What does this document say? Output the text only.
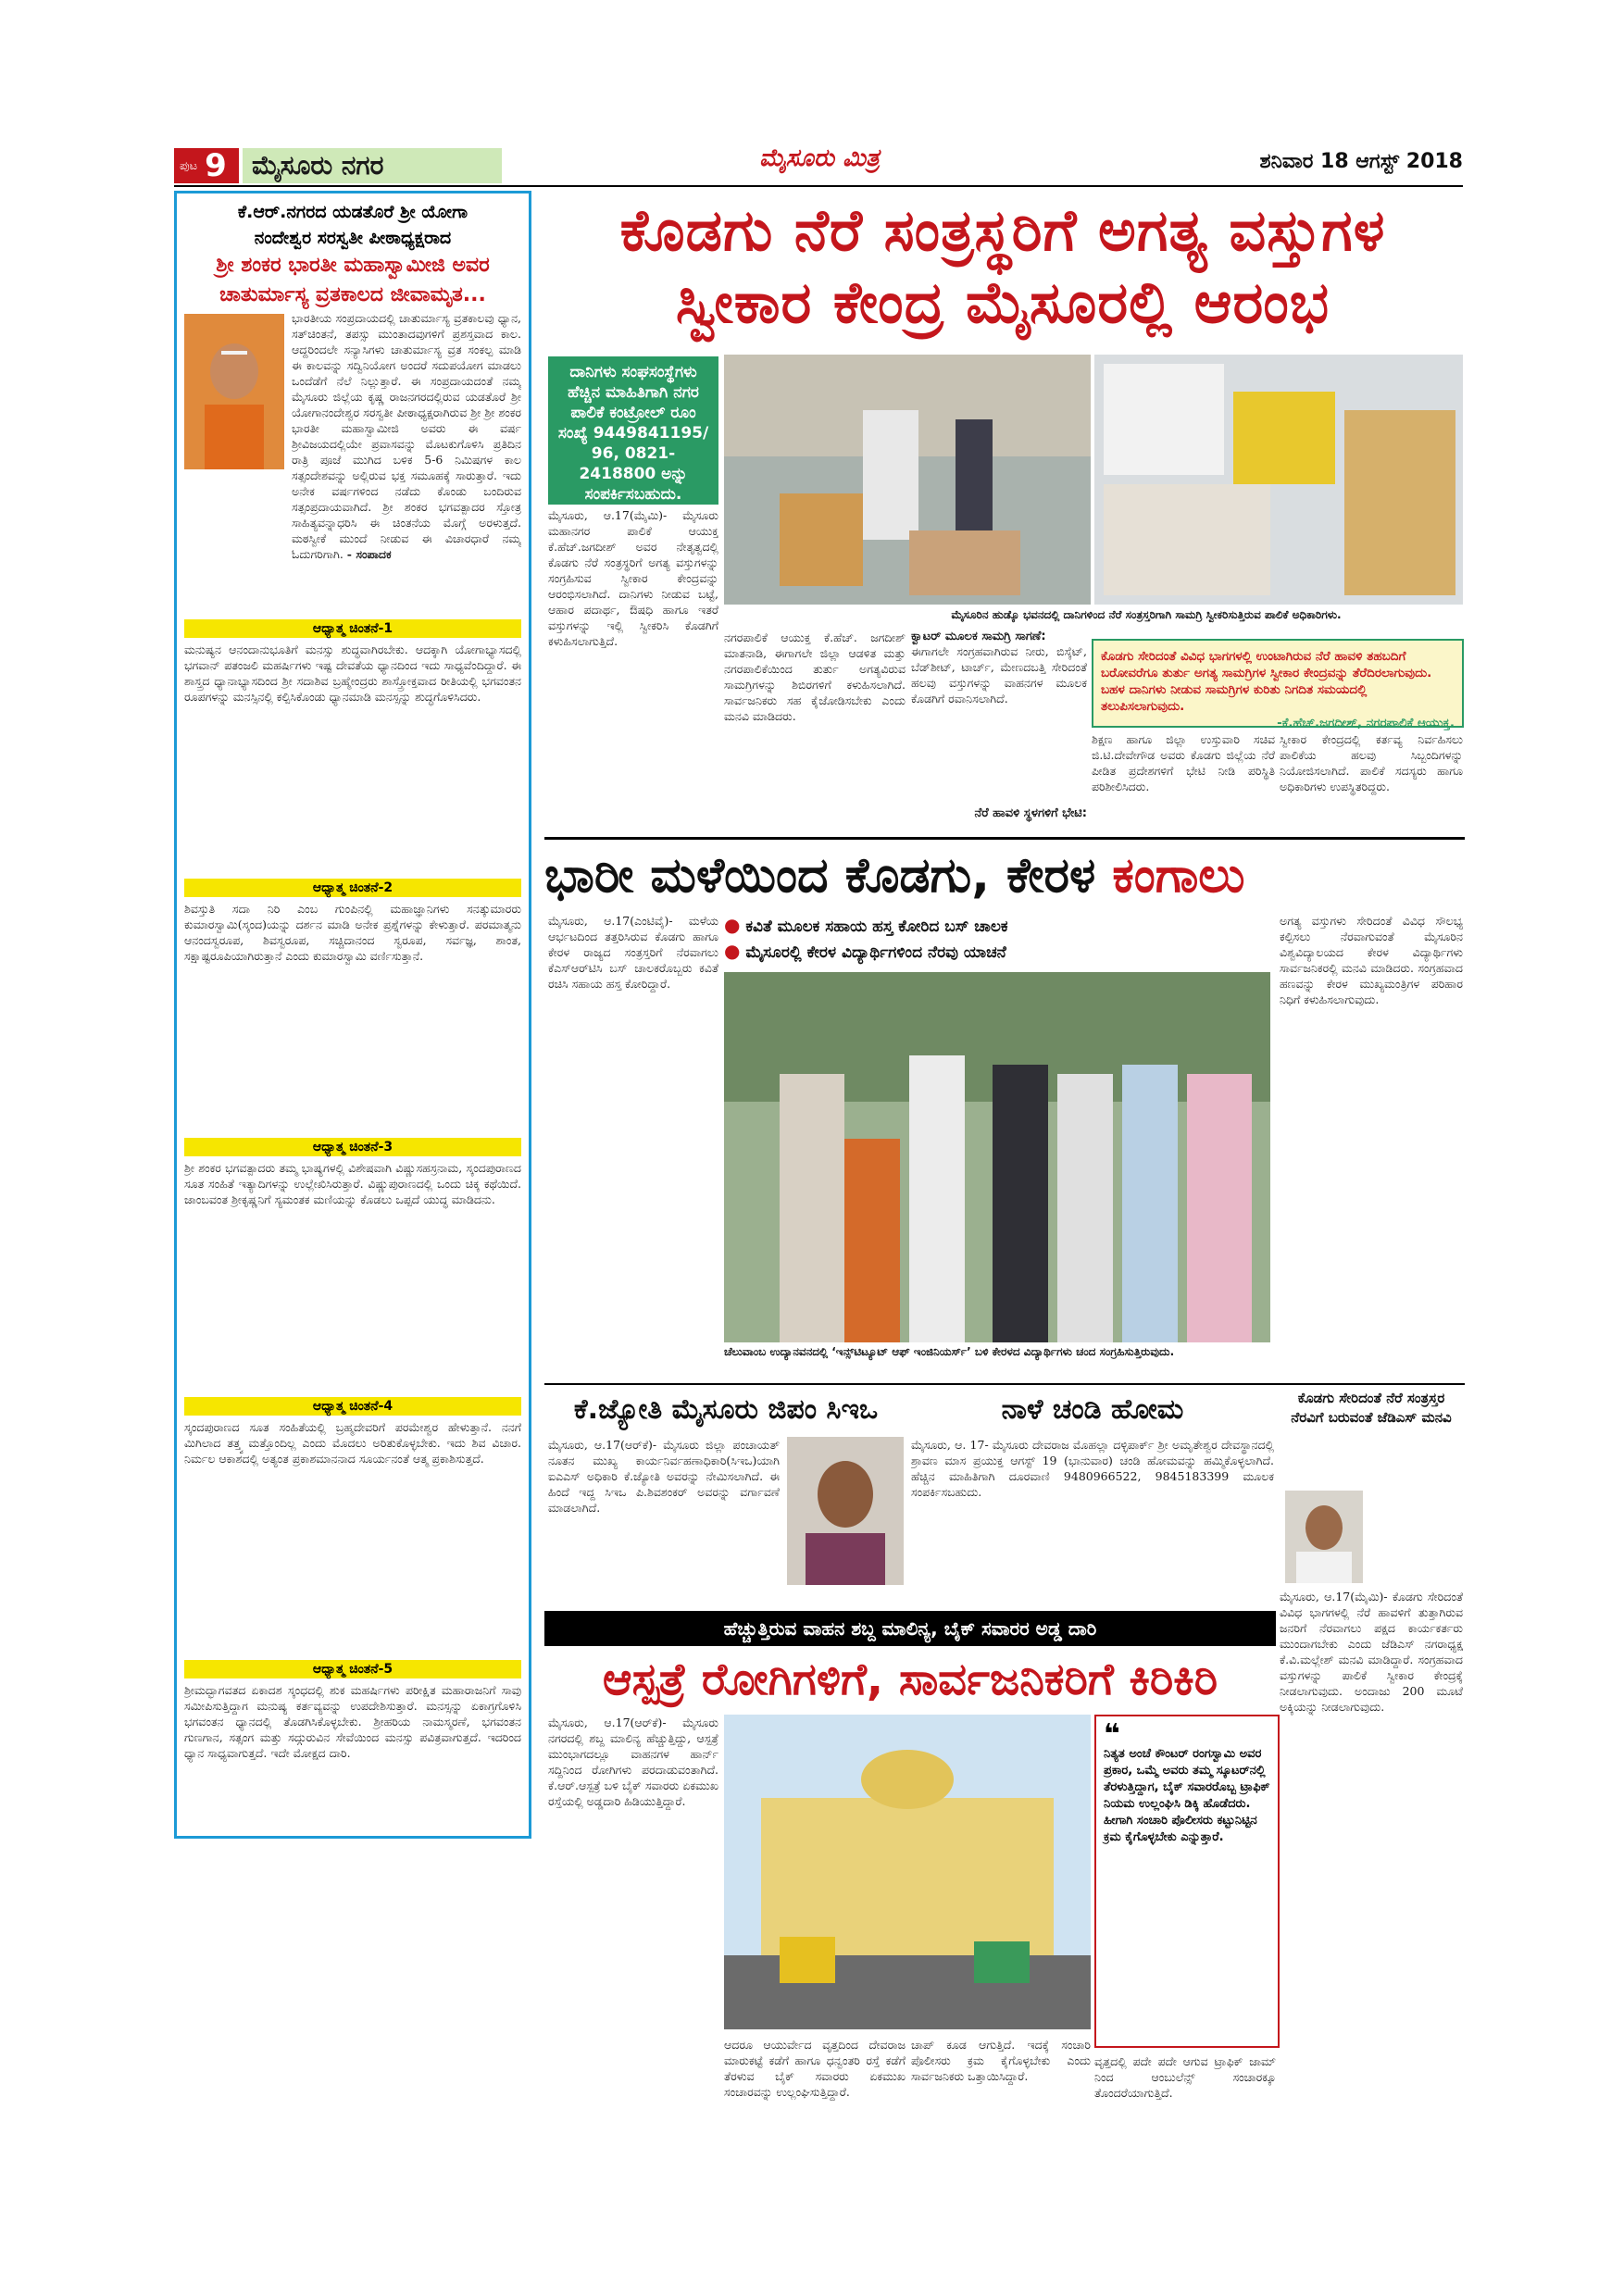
ಪುಟ 9 ಮೈಸೂರು ನಗರ	ಮೈಸೂರು ಮಿತ್ರ	ಶನಿವಾರ 18 ಆಗಸ್ಟ್ 2018
ಕೆ.ಆರ್.ನಗರದ ಯಡತೊರೆ ಶ್ರೀ ಯೋಗಾ
ನಂದೇಶ್ವರ ಸರಸ್ವತೀ ಪೀಠಾಧ್ಯಕ್ಷರಾದ
ಶ್ರೀ ಶಂಕರ ಭಾರತೀ ಮಹಾಸ್ವಾಮೀಜಿ ಅವರ
ಚಾತುರ್ಮಾಸ್ಯ ವ್ರತಕಾಲದ ಜೀವಾಮೃತ...
ಭಾರತೀಯ ಸಂಪ್ರದಾಯದಲ್ಲಿ ಚಾತುರ್ಮಾಸ್ಯ ವ್ರತಕಾಲವು ಧ್ಯಾನ, ಸತ್‌ಚಿಂತನೆ, ತಪಸ್ಸು ಮುಂತಾದವುಗಳಿಗೆ ಪ್ರಶಸ್ತವಾದ ಕಾಲ. ಆದ್ದರಿಂದಲೇ ಸನ್ಯಾಸಿಗಳು ಚಾತುರ್ಮಾಸ್ಯ ವ್ರತ ಸಂಕಲ್ಪ ಮಾಡಿ ಈ ಕಾಲವನ್ನು ಸದ್ವಿನಿಯೋಗ ಅಂದರೆ ಸದುಪಯೋಗ ಮಾಡಲು ಒಂದೆಡೆಗೆ ನೆಲೆ ನಿಲ್ಲುತ್ತಾರೆ. ಈ ಸಂಪ್ರದಾಯದಂತೆ ನಮ್ಮ ಮೈಸೂರು ಜಿಲ್ಲೆಯ ಕೃಷ್ಣ ರಾಜನಗರದಲ್ಲಿರುವ ಯಡತೊರೆ ಶ್ರೀ ಯೋಗಾನಂದೇಶ್ವರ ಸರಸ್ವತೀ ಪೀಠಾಧ್ಯಕ್ಷರಾಗಿರುವ ಶ್ರೀ ಶ್ರೀ ಶಂಕರ ಭಾರತೀ ಮಹಾಸ್ವಾಮೀಜಿ ಅವರು ಈ ವರ್ಷ ಶ್ರೀವಿಜಯದಲ್ಲಿಯೇ ಪ್ರವಾಸವನ್ನು ಮೊಟಕುಗೊಳಿಸಿ ಪ್ರತಿದಿನ ರಾತ್ರಿ ಪೂಜೆ ಮುಗಿದ ಬಳಿಕ 5-6 ನಿಮಿಷಗಳ ಕಾಲ ಸತ್ಸಂದೇಶವನ್ನು ಅಲ್ಲಿರುವ ಭಕ್ತ ಸಮೂಹಕ್ಕೆ ಸಾರುತ್ತಾರೆ. ಇದು ಅನೇಕ ವರ್ಷಗಳಿಂದ ನಡೆದು ಕೊಂಡು ಬಂದಿರುವ ಸತ್ಸಂಪ್ರದಾಯವಾಗಿದೆ. ಶ್ರೀ ಶಂಕರ ಭಗವತ್ಪಾದರ ಸ್ತೋತ್ರ ಸಾಹಿತ್ಯವನ್ನಾಧರಿಸಿ ಈ ಚಿಂತನೆಯ ಮೊಗ್ಗೆ ಅರಳುತ್ತದೆ. ಮಠಸ್ವೀಕೆ ಮುಂದೆ ನೀಡುವ ಈ ವಿಚಾರಧಾರೆ ನಮ್ಮ ಓದುಗರಿಗಾಗಿ. - ಸಂಪಾದಕ
ಆಧ್ಯಾತ್ಮ ಚಿಂತನೆ-1
ಮನುಷ್ಯನ ಆನಂದಾನುಭೂತಿಗೆ ಮನಸ್ಸು ಶುದ್ಧವಾಗಿರಬೇಕು. ಆದಕ್ಕಾಗಿ ಯೋಗಾಭ್ಯಾಸದಲ್ಲಿ ಭಗವಾನ್ ಪತಂಜಲಿ ಮಹರ್ಷಿಗಳು ಇಷ್ಟ ದೇವತೆಯ ಧ್ಯಾನದಿಂದ ಇದು ಸಾಧ್ಯವೆಂದಿದ್ದಾರೆ. ಈ ಶಾಸ್ತ್ರದ ಧ್ಯಾನಾಭ್ಯಾಸದಿಂದ ಶ್ರೀ ಸದಾಶಿವ ಬ್ರಹ್ಮೇಂದ್ರರು ಶಾಸ್ತ್ರೋಕ್ತವಾದ ರೀತಿಯಲ್ಲಿ ಭಗವಂತನ ರೂಪಗಳನ್ನು ಮನಸ್ಸಿನಲ್ಲಿ ಕಲ್ಪಿಸಿಕೊಂಡು ಧ್ಯಾನಮಾಡಿ ಮನಸ್ಸನ್ನು ಶುದ್ಧಗೊಳಿಸಿದರು.
ಆಧ್ಯಾತ್ಮ ಚಿಂತನೆ-2
ಶಿವಸ್ತುತಿ ಸದಾ ನಿರಿ ಎಂಬ ಗುಂಪಿನಲ್ಲಿ ಮಹಾಜ್ಞಾನಿಗಳು ಸನತ್ಕುಮಾರರು ಕುಮಾರಸ್ವಾಮಿ(ಸ್ಕಂದ)ಯನ್ನು ದರ್ಶನ ಮಾಡಿ ಅನೇಕ ಪ್ರಶ್ನೆಗಳನ್ನು ಕೇಳುತ್ತಾರೆ. ಪರಮಾತ್ಮನು ಆನಂದಸ್ವರೂಪ, ಶಿವಸ್ವರೂಪ, ಸಚ್ಚಿದಾನಂದ ಸ್ವರೂಪ, ಸರ್ವಜ್ಞ, ಶಾಂತ, ಸಕ್ಷಾಷ್ಟರೂಪಿಯಾಗಿರುತ್ತಾನೆ ಎಂದು ಕುಮಾರಸ್ವಾಮಿ ವರ್ಣಿಸುತ್ತಾನೆ.
ಆಧ್ಯಾತ್ಮ ಚಿಂತನೆ-3
ಶ್ರೀ ಶಂಕರ ಭಗವತ್ಪಾದರು ತಮ್ಮ ಭಾಷ್ಯಗಳಲ್ಲಿ ವಿಶೇಷವಾಗಿ ವಿಷ್ಣುಸಹಸ್ರನಾಮ, ಸ್ಕಂದಪುರಾಣದ ಸೂತ ಸಂಹಿತೆ ಇತ್ಯಾದಿಗಳನ್ನು ಉಲ್ಲೇಖಿಸಿರುತ್ತಾರೆ. ವಿಷ್ಣುಪುರಾಣದಲ್ಲಿ ಒಂದು ಚಿಕ್ಕ ಕಥೆಯಿದೆ. ಜಾಂಬವಂತ ಶ್ರೀಕೃಷ್ಣನಿಗೆ ಸ್ಯಮಂತಕ ಮಣಿಯನ್ನು ಕೊಡಲು ಒಪ್ಪದೆ ಯುದ್ಧ ಮಾಡಿದನು.
ಆಧ್ಯಾತ್ಮ ಚಿಂತನೆ-4
ಸ್ಕಂದಪುರಾಣದ ಸೂತ ಸಂಹಿತೆಯಲ್ಲಿ ಬ್ರಹ್ಮದೇವರಿಗೆ ಪರಮೇಶ್ವರ ಹೇಳುತ್ತಾನೆ. ನನಗೆ ಮಿಗಿಲಾದ ತತ್ತ್ವ ಮತ್ತೊಂದಿಲ್ಲ ಎಂದು ಮೊದಲು ಅರಿತುಕೊಳ್ಳಬೇಕು. ಇದು ಶಿವ ವಿಚಾರ. ನಿರ್ಮಲ ಆಕಾಶದಲ್ಲಿ ಅತ್ಯಂತ ಪ್ರಕಾಶಮಾನನಾದ ಸೂರ್ಯನಂತೆ ಆತ್ಮ ಪ್ರಕಾಶಿಸುತ್ತದೆ.
ಆಧ್ಯಾತ್ಮ ಚಿಂತನೆ-5
ಶ್ರೀಮದ್ಭಾಗವತದ ಏಕಾದಶ ಸ್ಕಂಧದಲ್ಲಿ ಶುಕ ಮಹರ್ಷಿಗಳು ಪರೀಕ್ಷಿತ ಮಹಾರಾಜನಿಗೆ ಸಾವು ಸಮೀಪಿಸುತ್ತಿದ್ದಾಗ ಮನುಷ್ಯ ಕರ್ತವ್ಯವನ್ನು ಉಪದೇಶಿಸುತ್ತಾರೆ. ಮನಸ್ಸನ್ನು ಏಕಾಗ್ರಗೊಳಿಸಿ ಭಗವಂತನ ಧ್ಯಾನದಲ್ಲಿ ತೊಡಗಿಸಿಕೊಳ್ಳಬೇಕು. ಶ್ರೀಹರಿಯ ನಾಮಸ್ಮರಣೆ, ಭಗವಂತನ ಗುಣಗಾನ, ಸತ್ಸಂಗ ಮತ್ತು ಸದ್ಗುರುವಿನ ಸೇವೆಯಿಂದ ಮನಸ್ಸು ಪವಿತ್ರವಾಗುತ್ತದೆ. ಇದರಿಂದ ಧ್ಯಾನ ಸಾಧ್ಯವಾಗುತ್ತದೆ. ಇದೇ ಮೋಕ್ಷದ ದಾರಿ.
ಕೊಡಗು ನೆರೆ ಸಂತ್ರಸ್ಥರಿಗೆ ಅಗತ್ಯ ವಸ್ತುಗಳ
ಸ್ವೀಕಾರ ಕೇಂದ್ರ ಮೈಸೂರಲ್ಲಿ ಆರಂಭ
ದಾನಿಗಳು ಸಂಘಸಂಸ್ಥೆಗಳು ಹೆಚ್ಚಿನ ಮಾಹಿತಿಗಾಗಿ ನಗರ ಪಾಲಿಕೆ ಕಂಟ್ರೋಲ್ ರೂಂ ಸಂಖ್ಯೆ 9449841195/ 96, 0821-2418800 ಅನ್ನು ಸಂಪರ್ಕಿಸಬಹುದು.
ಮೈಸೂರಿನ ಹುಡ್ಕೊ ಭವನದಲ್ಲಿ ದಾನಿಗಳಿಂದ ನೆರೆ ಸಂತ್ರಸ್ತರಿಗಾಗಿ ಸಾಮಗ್ರಿ ಸ್ವೀಕರಿಸುತ್ತಿರುವ ಪಾಲಿಕೆ ಅಧಿಕಾರಿಗಳು.
ಮೈಸೂರು, ಆ.17(ಮೈಮಿ)- ಮೈಸೂರು ಮಹಾನಗರ ಪಾಲಿಕೆ ಆಯುಕ್ತ ಕೆ.ಹೆಚ್.ಜಗದೀಶ್ ಅವರ ನೇತೃತ್ವದಲ್ಲಿ ಕೊಡಗು ನೆರೆ ಸಂತ್ರಸ್ಥರಿಗೆ ಅಗತ್ಯ ವಸ್ತುಗಳನ್ನು ಸಂಗ್ರಹಿಸುವ ಸ್ವೀಕಾರ ಕೇಂದ್ರವನ್ನು ಆರಂಭಿಸಲಾಗಿದೆ. ದಾನಿಗಳು ನೀಡುವ ಬಟ್ಟೆ, ಆಹಾರ ಪದಾರ್ಥ, ಔಷಧಿ ಹಾಗೂ ಇತರೆ ವಸ್ತುಗಳನ್ನು ಇಲ್ಲಿ ಸ್ವೀಕರಿಸಿ ಕೊಡಗಿಗೆ ಕಳುಹಿಸಲಾಗುತ್ತಿದೆ.	ನಗರಪಾಲಿಕೆ ಆಯುಕ್ತ ಕೆ.ಹೆಚ್. ಜಗದೀಶ್ ಮಾತನಾಡಿ, ಈಗಾಗಲೇ ಜಿಲ್ಲಾ ಆಡಳಿತ ಮತ್ತು ನಗರಪಾಲಿಕೆಯಿಂದ ತುರ್ತು ಅಗತ್ಯವಿರುವ ಸಾಮಗ್ರಿಗಳನ್ನು ಶಿಬಿರಗಳಿಗೆ ಕಳುಹಿಸಲಾಗಿದೆ. ಸಾರ್ವಜನಿಕರು ಸಹ ಕೈಜೋಡಿಸಬೇಕು ಎಂದು ಮನವಿ ಮಾಡಿದರು.
ಕ್ವಾಟರ್ ಮೂಲಕ ಸಾಮಗ್ರಿ ಸಾಗಣೆ:
ಈಗಾಗಲೇ ಸಂಗ್ರಹವಾಗಿರುವ ನೀರು, ಬಿಸ್ಕೆಟ್, ಬೆಡ್‌ಶೀಟ್, ಟಾರ್ಚ್, ಮೇಣದಬತ್ತಿ ಸೇರಿದಂತೆ ಹಲವು ವಸ್ತುಗಳನ್ನು ವಾಹನಗಳ ಮೂಲಕ ಕೊಡಗಿಗೆ ರವಾನಿಸಲಾಗಿದೆ.
ನೆರೆ ಹಾವಳಿ ಸ್ಥಳಗಳಿಗೆ ಭೇಟಿ:
ಕೊಡಗು ಸೇರಿದಂತೆ ವಿವಿಧ ಭಾಗಗಳಲ್ಲಿ ಉಂಟಾಗಿರುವ ನೆರೆ ಹಾವಳಿ ತಹಬದಿಗೆ ಬರೋವರೆಗೂ ತುರ್ತು ಅಗತ್ಯ ಸಾಮಗ್ರಿಗಳ ಸ್ವೀಕಾರ ಕೇಂದ್ರವನ್ನು ತೆರೆದಿರಲಾಗುವುದು. ಬಹಳ ದಾನಿಗಳು ನೀಡುವ ಸಾಮಗ್ರಿಗಳ ಕುರಿತು ನಿಗದಿತ ಸಮಯದಲ್ಲಿ ತಲುಪಿಸಲಾಗುವುದು.
-ಕೆ.ಹೆಚ್.ಜಗದೀಶ್, ನಗರಪಾಲಿಕೆ ಆಯುಕ್ತ.
ಶಿಕ್ಷಣ ಹಾಗೂ ಜಿಲ್ಲಾ ಉಸ್ತುವಾರಿ ಸಚಿವ ಜಿ.ಟಿ.ದೇವೇಗೌಡ ಅವರು ಕೊಡಗು ಜಿಲ್ಲೆಯ ನೆರೆ ಪೀಡಿತ ಪ್ರದೇಶಗಳಿಗೆ ಭೇಟಿ ನೀಡಿ ಪರಿಸ್ಥಿತಿ ಪರಿಶೀಲಿಸಿದರು.
ಸ್ವೀಕಾರ ಕೇಂದ್ರದಲ್ಲಿ ಕರ್ತವ್ಯ ನಿರ್ವಹಿಸಲು ಪಾಲಿಕೆಯ ಹಲವು ಸಿಬ್ಬಂದಿಗಳನ್ನು ನಿಯೋಜಿಸಲಾಗಿದೆ. ಪಾಲಿಕೆ ಸದಸ್ಯರು ಹಾಗೂ ಅಧಿಕಾರಿಗಳು ಉಪಸ್ಥಿತರಿದ್ದರು.
ಭಾರೀ ಮಳೆಯಿಂದ ಕೊಡಗು, ಕೇರಳ ಕಂಗಾಲು
● ಕವಿತೆ ಮೂಲಕ ಸಹಾಯ ಹಸ್ತ ಕೋರಿದ ಬಸ್ ಚಾಲಕ
● ಮೈಸೂರಲ್ಲಿ ಕೇರಳ ವಿದ್ಯಾರ್ಥಿಗಳಿಂದ ನೆರವು ಯಾಚನೆ
ಮೈಸೂರು, ಆ.17(ಎಂಟಿವೈ)- ಮಳೆಯ ಆರ್ಭಟದಿಂದ ತತ್ತರಿಸಿರುವ ಕೊಡಗು ಹಾಗೂ ಕೇರಳ ರಾಜ್ಯದ ಸಂತ್ರಸ್ತರಿಗೆ ನೆರವಾಗಲು ಕೆಎಸ್‌ಆರ್‌ಟಿಸಿ ಬಸ್ ಚಾಲಕರೊಬ್ಬರು ಕವಿತೆ ರಚಿಸಿ ಸಹಾಯ ಹಸ್ತ ಕೋರಿದ್ದಾರೆ.
ಚೆಲುವಾಂಬ ಉದ್ಯಾನವನದಲ್ಲಿ ‘ಇನ್ಸ್‌ಟಿಟ್ಯೂಟ್ ಆಫ್ ಇಂಜಿನಿಯರ್ಸ್’ ಬಳಿ ಕೇರಳದ ವಿದ್ಯಾರ್ಥಿಗಳು ಚಂದ ಸಂಗ್ರಹಿಸುತ್ತಿರುವುದು.
ಅಗತ್ಯ ವಸ್ತುಗಳು ಸೇರಿದಂತೆ ವಿವಿಧ ಸೌಲಭ್ಯ ಕಲ್ಪಿಸಲು ನೆರವಾಗುವಂತೆ ಮೈಸೂರಿನ ವಿಶ್ವವಿದ್ಯಾಲಯದ ಕೇರಳ ವಿದ್ಯಾರ್ಥಿಗಳು ಸಾರ್ವಜನಿಕರಲ್ಲಿ ಮನವಿ ಮಾಡಿದರು. ಸಂಗ್ರಹವಾದ ಹಣವನ್ನು ಕೇರಳ ಮುಖ್ಯಮಂತ್ರಿಗಳ ಪರಿಹಾರ ನಿಧಿಗೆ ಕಳುಹಿಸಲಾಗುವುದು.
ಕೆ.ಜ್ಯೋತಿ ಮೈಸೂರು ಜಿಪಂ ಸಿಇಒ
ಮೈಸೂರು, ಆ.17(ಆರ್‌ಕೆ)- ಮೈಸೂರು ಜಿಲ್ಲಾ ಪಂಚಾಯತ್ ನೂತನ ಮುಖ್ಯ ಕಾರ್ಯನಿರ್ವಹಣಾಧಿಕಾರಿ(ಸಿಇಒ)ಯಾಗಿ ಐಎಎಸ್ ಅಧಿಕಾರಿ ಕೆ.ಜ್ಯೋತಿ ಅವರನ್ನು ನೇಮಿಸಲಾಗಿದೆ. ಈ ಹಿಂದೆ ಇದ್ದ ಸಿಇಒ ಪಿ.ಶಿವಶಂಕರ್ ಅವರನ್ನು ವರ್ಗಾವಣೆ ಮಾಡಲಾಗಿದೆ.
ನಾಳೆ ಚಂಡಿ ಹೋಮ
ಮೈಸೂರು, ಆ. 17- ಮೈಸೂರು ದೇವರಾಜ ಮೊಹಲ್ಲಾ ದಳ್ಳಿಪಾರ್ಕ್ ಶ್ರೀ ಅಮೃತೇಶ್ವರ ದೇವಸ್ಥಾನದಲ್ಲಿ ಶ್ರಾವಣ ಮಾಸ ಪ್ರಯುಕ್ತ ಆಗಸ್ಟ್ 19 (ಭಾನುವಾರ) ಚಂಡಿ ಹೋಮವನ್ನು ಹಮ್ಮಿಕೊಳ್ಳಲಾಗಿದೆ. ಹೆಚ್ಚಿನ ಮಾಹಿತಿಗಾಗಿ ದೂರವಾಣಿ 9480966522, 9845183399 ಮೂಲಕ ಸಂಪರ್ಕಿಸಬಹುದು.
ಕೊಡಗು ಸೇರಿದಂತೆ ನೆರೆ ಸಂತ್ರಸ್ತರ ನೆರವಿಗೆ ಬರುವಂತೆ ಜೆಡಿಎಸ್ ಮನವಿ
ಮೈಸೂರು, ಆ.17(ಮೈಮಿ)- ಕೊಡಗು ಸೇರಿದಂತೆ ವಿವಿಧ ಭಾಗಗಳಲ್ಲಿ ನೆರೆ ಹಾವಳಿಗೆ ತುತ್ತಾಗಿರುವ ಜನರಿಗೆ ನೆರವಾಗಲು ಪಕ್ಷದ ಕಾರ್ಯಕರ್ತರು ಮುಂದಾಗಬೇಕು ಎಂದು ಜೆಡಿಎಸ್ ನಗರಾಧ್ಯಕ್ಷ ಕೆ.ವಿ.ಮಲ್ಲೇಶ್ ಮನವಿ ಮಾಡಿದ್ದಾರೆ. ಸಂಗ್ರಹವಾದ ವಸ್ತುಗಳನ್ನು ಪಾಲಿಕೆ ಸ್ವೀಕಾರ ಕೇಂದ್ರಕ್ಕೆ ನೀಡಲಾಗುವುದು. ಅಂದಾಜು 200 ಮೂಟೆ ಅಕ್ಕಿಯನ್ನು ನೀಡಲಾಗುವುದು.
ಹೆಚ್ಚುತ್ತಿರುವ ವಾಹನ ಶಬ್ದ ಮಾಲಿನ್ಯ, ಬೈಕ್ ಸವಾರರ ಅಡ್ಡ ದಾರಿ
ಆಸ್ಪತ್ರೆ ರೋಗಿಗಳಿಗೆ, ಸಾರ್ವಜನಿಕರಿಗೆ ಕಿರಿಕಿರಿ
ಮೈಸೂರು, ಆ.17(ಆರ್‌ಕೆ)- ಮೈಸೂರು ನಗರದಲ್ಲಿ ಶಬ್ದ ಮಾಲಿನ್ಯ ಹೆಚ್ಚುತ್ತಿದ್ದು, ಆಸ್ಪತ್ರೆ ಮುಂಭಾಗದಲ್ಲೂ ವಾಹನಗಳ ಹಾರ್ನ್ ಸದ್ದಿನಿಂದ ರೋಗಿಗಳು ಪರದಾಡುವಂತಾಗಿದೆ. ಕೆ.ಆರ್.ಆಸ್ಪತ್ರೆ ಬಳಿ ಬೈಕ್ ಸವಾರರು ಏಕಮುಖ ರಸ್ತೆಯಲ್ಲಿ ಅಡ್ಡದಾರಿ ಹಿಡಿಯುತ್ತಿದ್ದಾರೆ.
❝
ನಿತ್ಯತ ಅಂಚೆ ಕೌಂಟರ್ ರಂಗಸ್ವಾಮಿ ಅವರ ಪ್ರಕಾರ, ಒಮ್ಮೆ ಅವರು ತಮ್ಮ ಸ್ಕೂಟರ್‌ನಲ್ಲಿ ತೆರಳುತ್ತಿದ್ದಾಗ, ಬೈಕ್ ಸವಾರರೊಬ್ಬ ಟ್ರಾಫಿಕ್ ನಿಯಮ ಉಲ್ಲಂಘಿಸಿ ಡಿಕ್ಕಿ ಹೊಡೆದರು. ಹೀಗಾಗಿ ಸಂಚಾರಿ ಪೊಲೀಸರು ಕಟ್ಟುನಿಟ್ಟಿನ ಕ್ರಮ ಕೈಗೊಳ್ಳಬೇಕು ಎನ್ನುತ್ತಾರೆ.
ಆದರೂ ಆಯುರ್ವೇದ ವೃತ್ತದಿಂದ ದೇವರಾಜ ಮಾರುಕಟ್ಟೆ ಕಡೆಗೆ ಹಾಗೂ ಧನ್ವಂತರಿ ರಸ್ತೆ ಕಡೆಗೆ ತೆರಳುವ ಬೈಕ್ ಸವಾರರು ಏಕಮುಖ ಸಂಚಾರವನ್ನು ಉಲ್ಲಂಘಿಸುತ್ತಿದ್ದಾರೆ.
ಚಾಪ್ ಕೂಡ ಆಗುತ್ತಿದೆ. ಇದಕ್ಕೆ ಸಂಚಾರಿ ಪೊಲೀಸರು ಕ್ರಮ ಕೈಗೊಳ್ಳಬೇಕು ಎಂದು ಸಾರ್ವಜನಿಕರು ಒತ್ತಾಯಿಸಿದ್ದಾರೆ.
ವೃತ್ತದಲ್ಲಿ ಪದೇ ಪದೇ ಆಗುವ ಟ್ರಾಫಿಕ್ ಜಾಮ್ ನಿಂದ ಆಂಬುಲೆನ್ಸ್ ಸಂಚಾರಕ್ಕೂ ತೊಂದರೆಯಾಗುತ್ತಿದೆ.
